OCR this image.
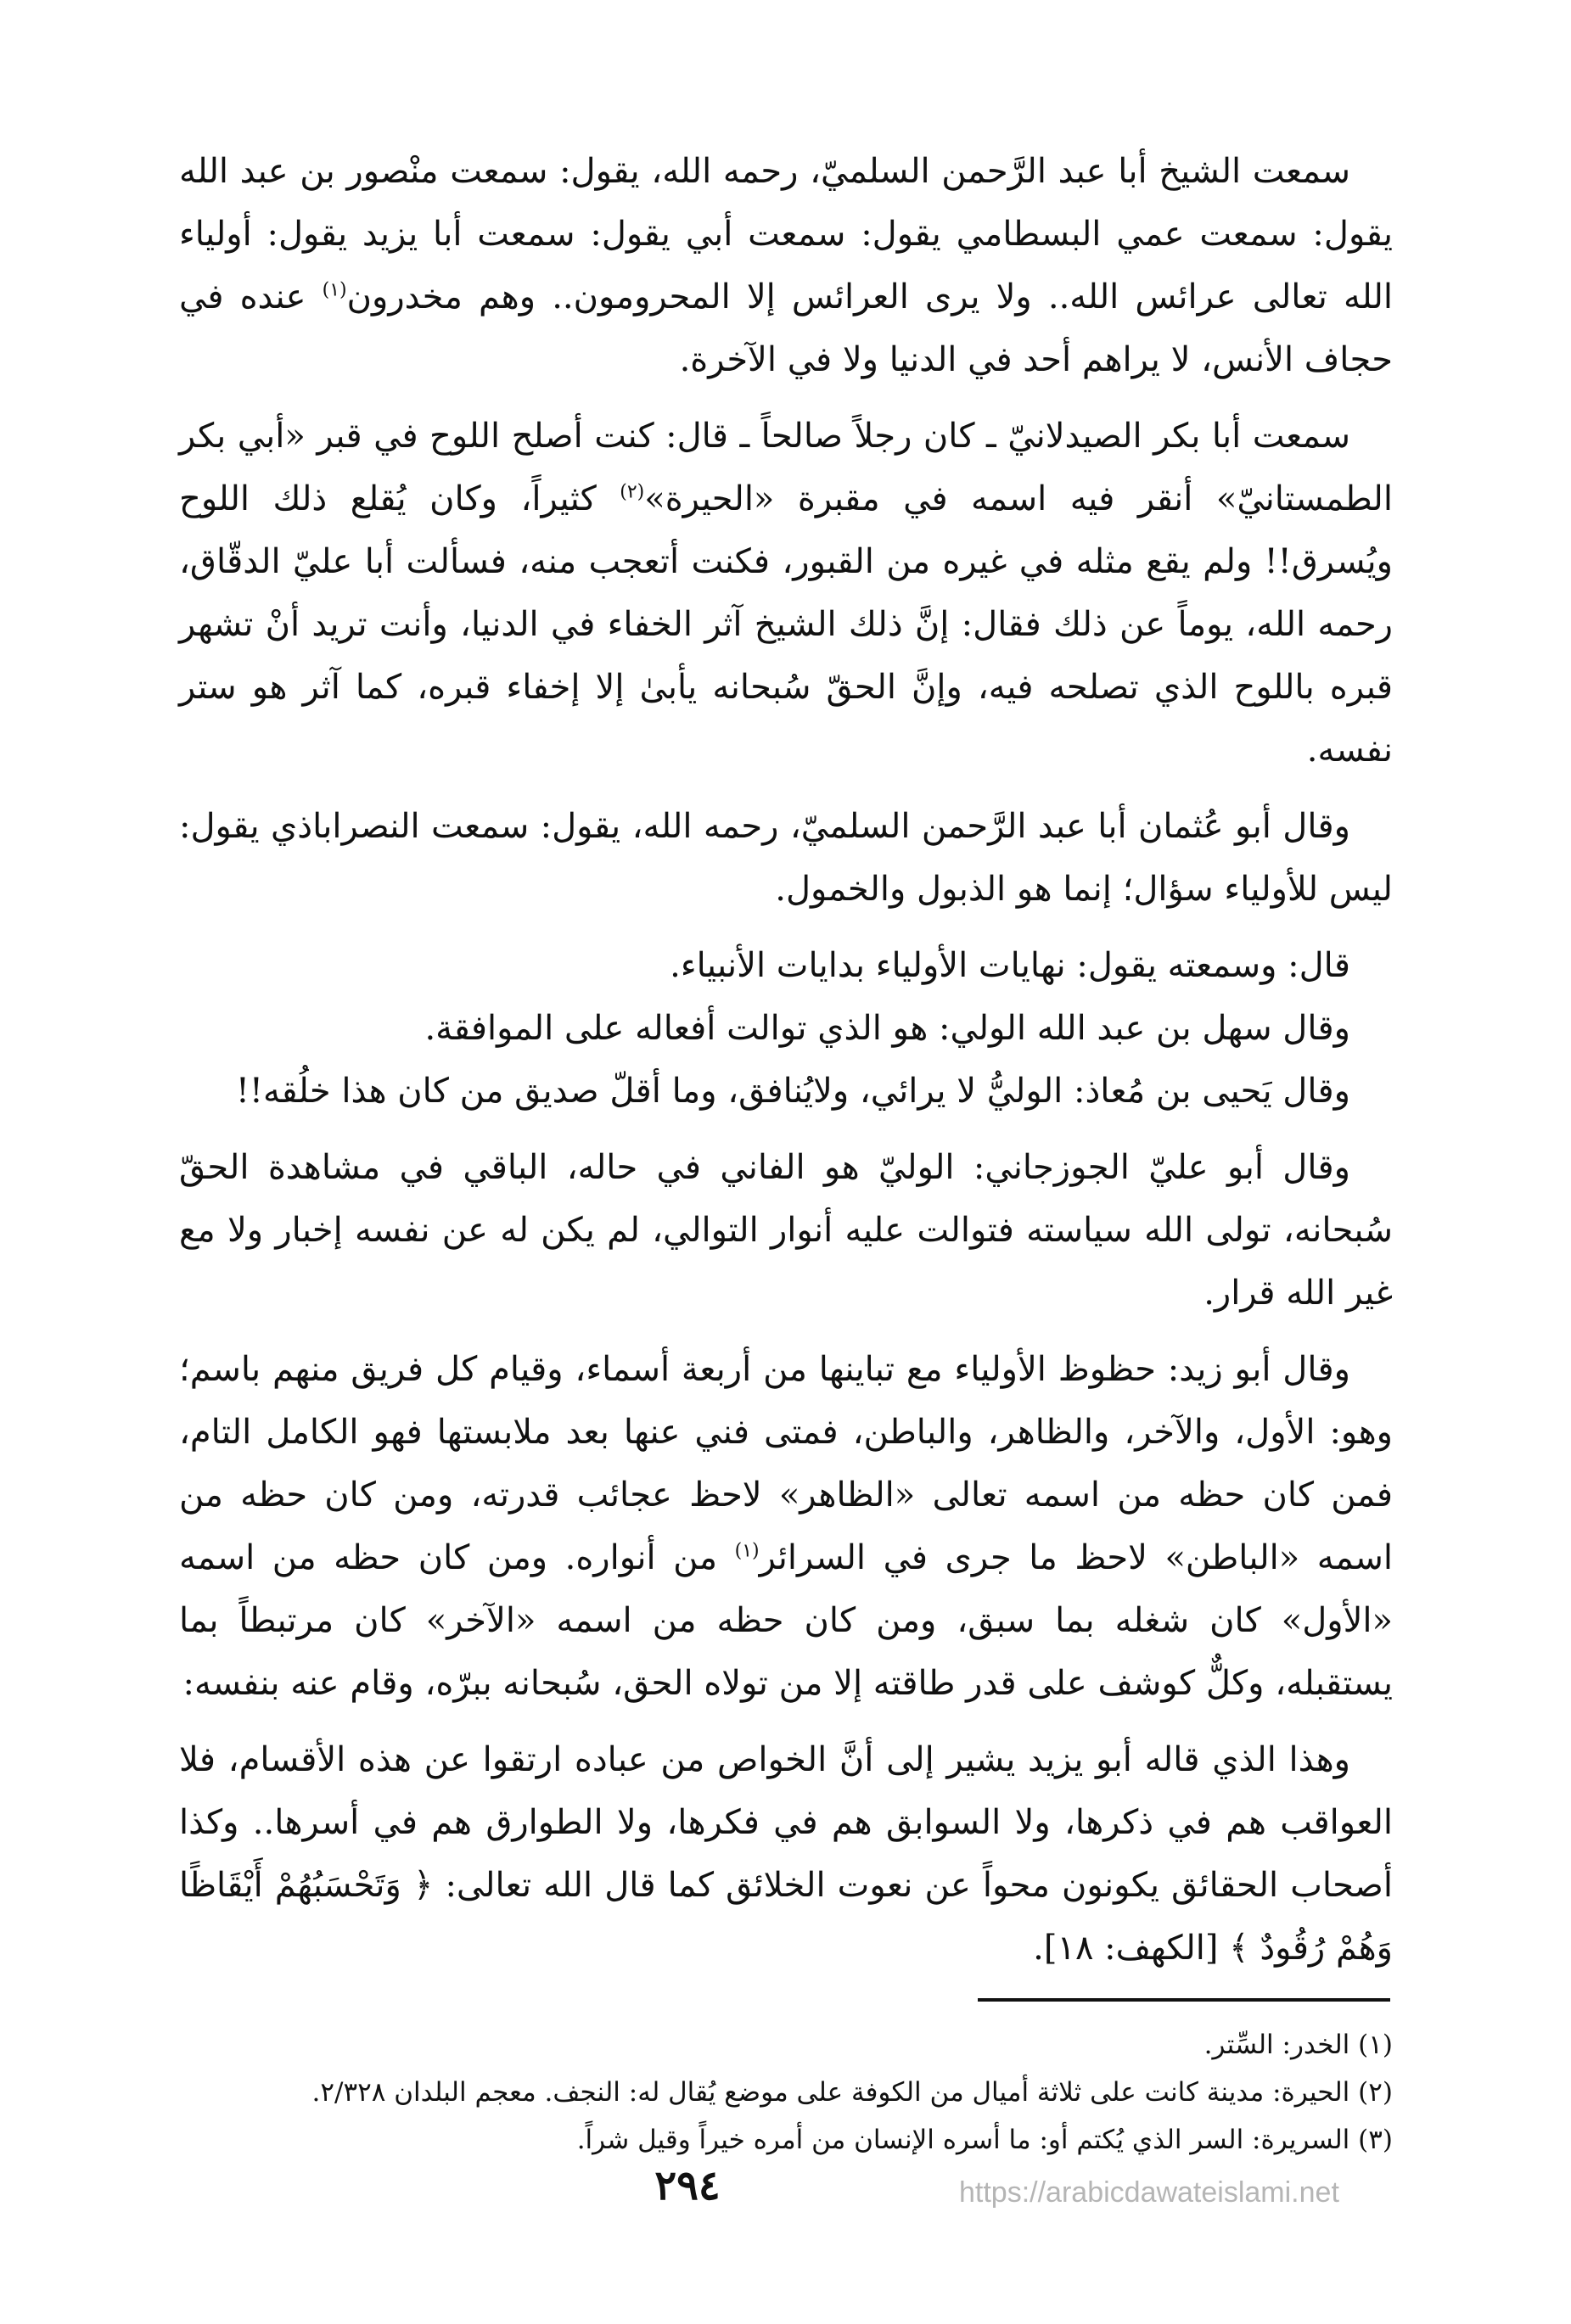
سمعت الشيخ أبا عبد الرَّحمن السلميّ، رحمه الله، يقول: سمعت منْصور بن عبد الله يقول: سمعت عمي البسطامي يقول: سمعت أبي يقول: سمعت أبا يزيد يقول: أولياء الله تعالى عرائس الله.. ولا يرى العرائس إلا المحرومون.. وهم مخدرون$^{(١)}$ عنده في حجاف الأنس، لا يراهم أحد في الدنيا ولا في الآخرة.

سمعت أبا بكر الصيدلانيّ ـ كان رجلاً صالحاً ـ قال: كنت أصلح اللوح في قبر «أبي بكر الطمستانيّ» أنقر فيه اسمه في مقبرة «الحيرة»$^{(٢)}$ كثيراً، وكان يُقلع ذلك اللوح ويُسرق!! ولم يقع مثله في غيره من القبور، فكنت أتعجب منه، فسألت أبا عليّ الدقّاق، رحمه الله، يوماً عن ذلك فقال: إنَّ ذلك الشيخ آثر الخفاء في الدنيا، وأنت تريد أنْ تشهر قبره باللوح الذي تصلحه فيه، وإنَّ الحقّ سُبحانه يأبىٰ إلا إخفاء قبره، كما آثر هو ستر نفسه.

وقال أبو عُثمان أبا عبد الرَّحمن السلميّ، رحمه الله، يقول: سمعت النصراباذي يقول: ليس للأولياء سؤال؛ إنما هو الذبول والخمول.

قال: وسمعته يقول: نهايات الأولياء بدايات الأنبياء.

وقال سهل بن عبد الله الولي: هو الذي توالت أفعاله على الموافقة.

وقال يَحيى بن مُعاذ: الوليُّ لا يرائي، ولايُنافق، وما أقلّ صديق من كان هذا خلُقه!!

وقال أبو عليّ الجوزجاني: الوليّ هو الفاني في حاله، الباقي في مشاهدة الحقّ سُبحانه، تولى الله سياسته فتوالت عليه أنوار التوالي، لم يكن له عن نفسه إخبار ولا مع غير الله قرار.

وقال أبو زيد: حظوظ الأولياء مع تباينها من أربعة أسماء، وقيام كل فريق منهم باسم؛ وهو: الأول، والآخر، والظاهر، والباطن، فمتى فني عنها بعد ملابستها فهو الكامل التام، فمن كان حظه من اسمه تعالى «الظاهر» لاحظ عجائب قدرته، ومن كان حظه من اسمه «الباطن» لاحظ ما جرى في السرائر$^{(١)}$ من أنواره. ومن كان حظه من اسمه «الأول» كان شغله بما سبق، ومن كان حظه من اسمه «الآخر» كان مرتبطاً بما يستقبله، وكلٌّ كوشف على قدر طاقته إلا من تولاه الحق، سُبحانه ببرّه، وقام عنه بنفسه:

وهذا الذي قاله أبو يزيد يشير إلى أنَّ الخواص من عباده ارتقوا عن هذه الأقسام، فلا العواقب هم في ذكرها، ولا السوابق هم في فكرها، ولا الطوارق هم في أسرها.. وكذا أصحاب الحقائق يكونون محواً عن نعوت الخلائق كما قال الله تعالى: ﴿ وَتَحْسَبُهُمْ أَيْقَاظًا وَهُمْ رُقُودٌ ﴾ [الكهف: ١٨].

(١) الخدر: السِّتر.

(٢) الحيرة: مدينة كانت على ثلاثة أميال من الكوفة على موضع يُقال له: النجف. معجم البلدان ٢/٣٢٨.

(٣) السريرة: السر الذي يُكتم أو: ما أسره الإنسان من أمره خيراً وقيل شراً.

٢٩٤	https://arabicdawateislami.net
